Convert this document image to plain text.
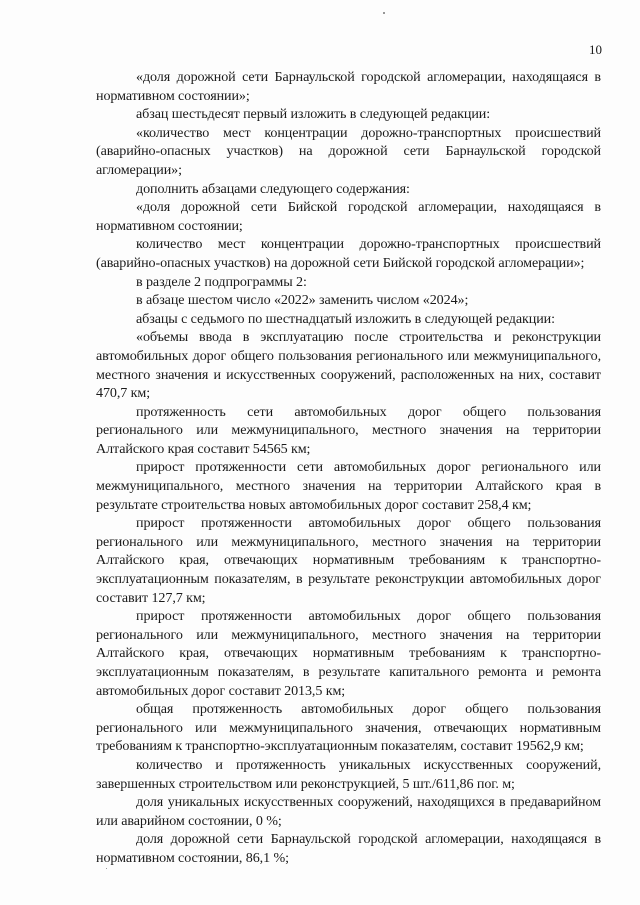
10

«доля дорожной сети Барнаульской городской агломерации, находящаяся в нормативном состоянии»;

абзац шестьдесят первый изложить в следующей редакции:

«количество мест концентрации дорожно-транспортных происшествий (аварийно-опасных участков) на дорожной сети Барнаульской городской агломерации»;

дополнить абзацами следующего содержания:

«доля дорожной сети Бийской городской агломерации, находящаяся в нормативном состоянии;

количество мест концентрации дорожно-транспортных происшествий (аварийно-опасных участков) на дорожной сети Бийской городской агломерации»;

в разделе 2 подпрограммы 2:

в абзаце шестом число «2022» заменить числом «2024»;

абзацы с седьмого по шестнадцатый изложить в следующей редакции:

«объемы ввода в эксплуатацию после строительства и реконструкции автомобильных дорог общего пользования регионального или межмуниципального, местного значения и искусственных сооружений, расположенных на них, составит 470,7 км;

протяженность сети автомобильных дорог общего пользования регионального или межмуниципального, местного значения на территории Алтайского края составит 54565 км;

прирост протяженности сети автомобильных дорог регионального или межмуниципального, местного значения на территории Алтайского края в результате строительства новых автомобильных дорог составит 258,4 км;

прирост протяженности автомобильных дорог общего пользования регионального или межмуниципального, местного значения на территории Алтайского края, отвечающих нормативным требованиям к транспортно-эксплуатационным показателям, в результате реконструкции автомобильных дорог составит 127,7 км;

прирост протяженности автомобильных дорог общего пользования регионального или межмуниципального, местного значения на территории Алтайского края, отвечающих нормативным требованиям к транспортно-эксплуатационным показателям, в результате капитального ремонта и ремонта автомобильных дорог составит 2013,5 км;

общая протяженность автомобильных дорог общего пользования регионального или межмуниципального значения, отвечающих нормативным требованиям к транспортно-эксплуатационным показателям, составит 19562,9 км;

количество и протяженность уникальных искусственных сооружений, завершенных строительством или реконструкцией, 5 шт./611,86 пог. м;

доля уникальных искусственных сооружений, находящихся в предаварийном или аварийном состоянии, 0 %;

доля дорожной сети Барнаульской городской агломерации, находящаяся в нормативном состоянии, 86,1 %;
